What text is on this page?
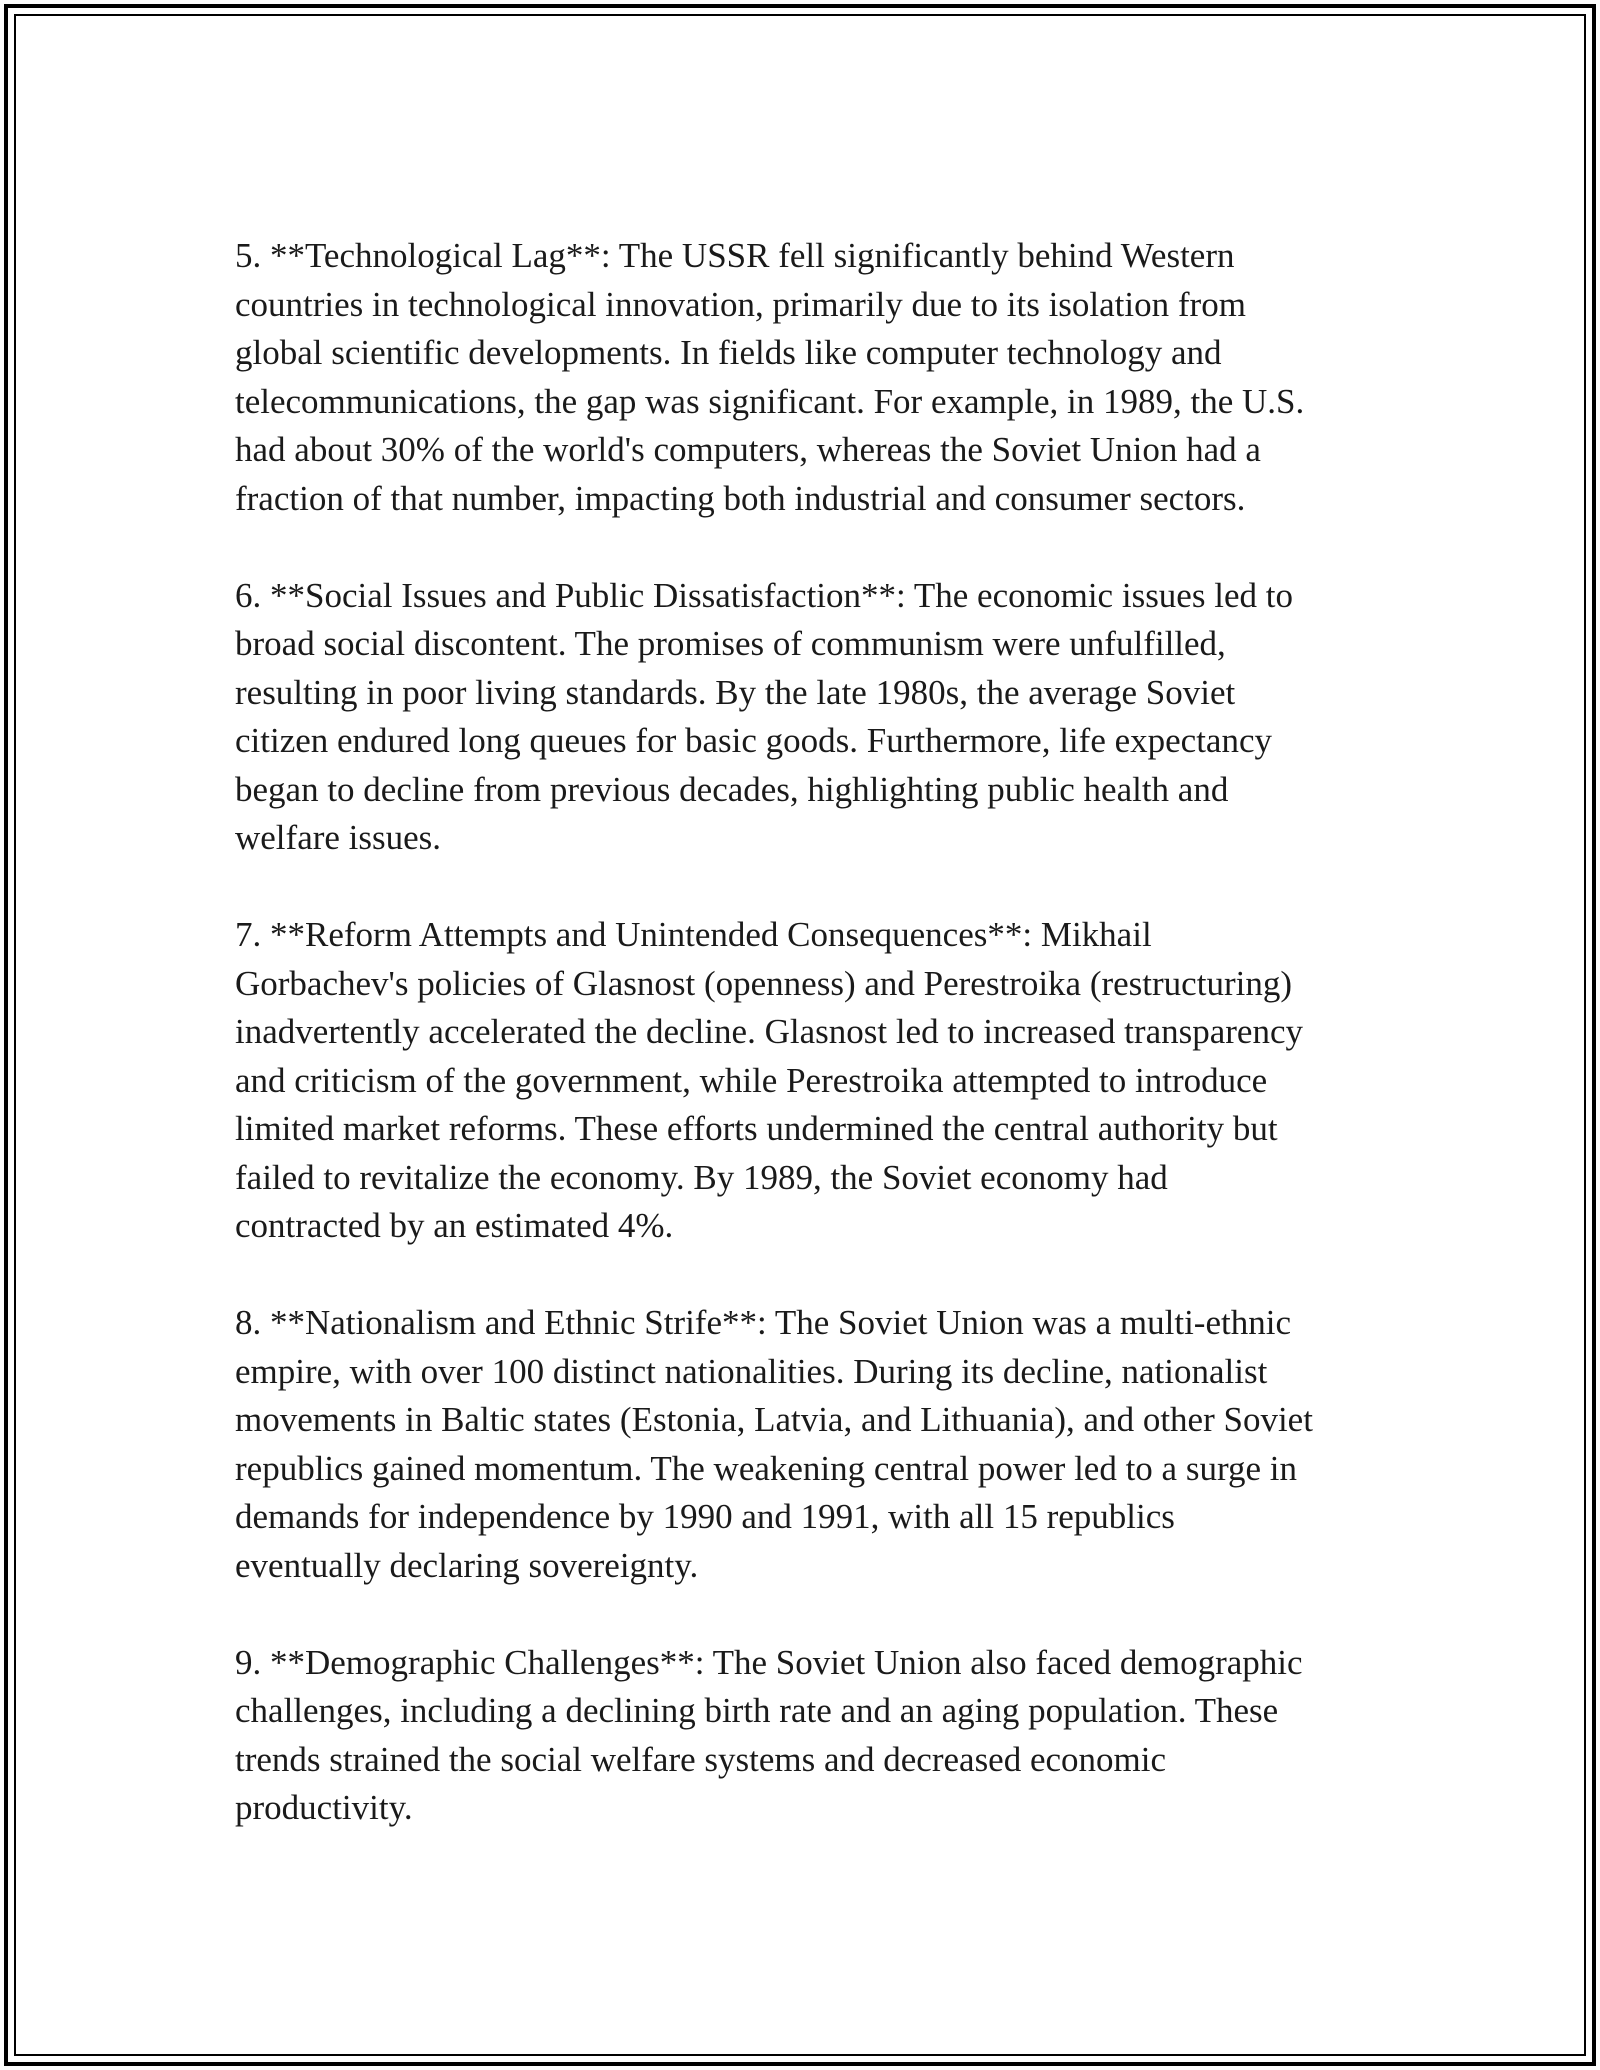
5. **Technological Lag**: The USSR fell significantly behind Western
countries in technological innovation, primarily due to its isolation from
global scientific developments. In fields like computer technology and
telecommunications, the gap was significant. For example, in 1989, the U.S.
had about 30% of the world's computers, whereas the Soviet Union had a
fraction of that number, impacting both industrial and consumer sectors.

6. **Social Issues and Public Dissatisfaction**: The economic issues led to
broad social discontent. The promises of communism were unfulfilled,
resulting in poor living standards. By the late 1980s, the average Soviet
citizen endured long queues for basic goods. Furthermore, life expectancy
began to decline from previous decades, highlighting public health and
welfare issues.

7. **Reform Attempts and Unintended Consequences**: Mikhail
Gorbachev's policies of Glasnost (openness) and Perestroika (restructuring)
inadvertently accelerated the decline. Glasnost led to increased transparency
and criticism of the government, while Perestroika attempted to introduce
limited market reforms. These efforts undermined the central authority but
failed to revitalize the economy. By 1989, the Soviet economy had
contracted by an estimated 4%.

8. **Nationalism and Ethnic Strife**: The Soviet Union was a multi-ethnic
empire, with over 100 distinct nationalities. During its decline, nationalist
movements in Baltic states (Estonia, Latvia, and Lithuania), and other Soviet
republics gained momentum. The weakening central power led to a surge in
demands for independence by 1990 and 1991, with all 15 republics
eventually declaring sovereignty.

9. **Demographic Challenges**: The Soviet Union also faced demographic
challenges, including a declining birth rate and an aging population. These
trends strained the social welfare systems and decreased economic
productivity.
